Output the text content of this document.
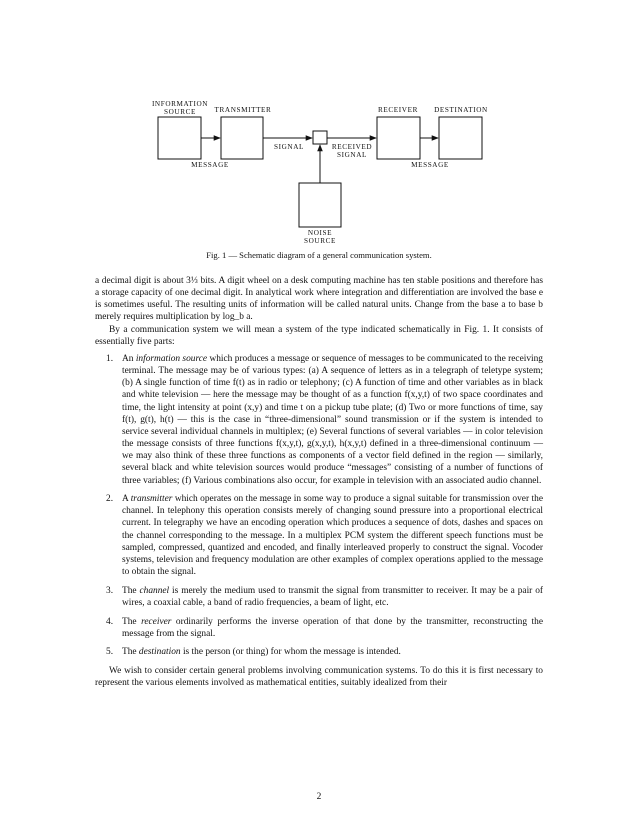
INFORMATION
SOURCE	TRANSMITTER	RECEIVER DESTINATION
SIGNAL	RECEIVED
SIGNAL
MESSAGE	MESSAGE
NOISE
SOURCE
Fig. 1 — Schematic diagram of a general communication system.

a decimal digit is about 3⅓ bits. A digit wheel on a desk computing machine has ten stable positions and therefore has a storage capacity of one decimal digit. In analytical work where integration and differentiation are involved the base e is sometimes useful. The resulting units of information will be called natural units. Change from the base a to base b merely requires multiplication by log_b a.

By a communication system we will mean a system of the type indicated schematically in Fig. 1. It consists of essentially five parts:

1. An information source which produces a message or sequence of messages to be communicated to the receiving terminal. The message may be of various types: (a) A sequence of letters as in a telegraph of teletype system; (b) A single function of time f(t) as in radio or telephony; (c) A function of time and other variables as in black and white television — here the message may be thought of as a function f(x,y,t) of two space coordinates and time, the light intensity at point (x,y) and time t on a pickup tube plate; (d) Two or more functions of time, say f(t), g(t), h(t) — this is the case in “three-dimensional” sound transmission or if the system is intended to service several individual channels in multiplex; (e) Several functions of several variables — in color television the message consists of three functions f(x,y,t), g(x,y,t), h(x,y,t) defined in a three-dimensional continuum — we may also think of these three functions as components of a vector field defined in the region — similarly, several black and white television sources would produce “messages” consisting of a number of functions of three variables; (f) Various combinations also occur, for example in television with an associated audio channel.
2. A transmitter which operates on the message in some way to produce a signal suitable for transmission over the channel. In telephony this operation consists merely of changing sound pressure into a proportional electrical current. In telegraphy we have an encoding operation which produces a sequence of dots, dashes and spaces on the channel corresponding to the message. In a multiplex PCM system the different speech functions must be sampled, compressed, quantized and encoded, and finally interleaved properly to construct the signal. Vocoder systems, television and frequency modulation are other examples of complex operations applied to the message to obtain the signal.
3. The channel is merely the medium used to transmit the signal from transmitter to receiver. It may be a pair of wires, a coaxial cable, a band of radio frequencies, a beam of light, etc.
4. The receiver ordinarily performs the inverse operation of that done by the transmitter, reconstructing the message from the signal.
5. The destination is the person (or thing) for whom the message is intended.

We wish to consider certain general problems involving communication systems. To do this it is first necessary to represent the various elements involved as mathematical entities, suitably idealized from their

2
